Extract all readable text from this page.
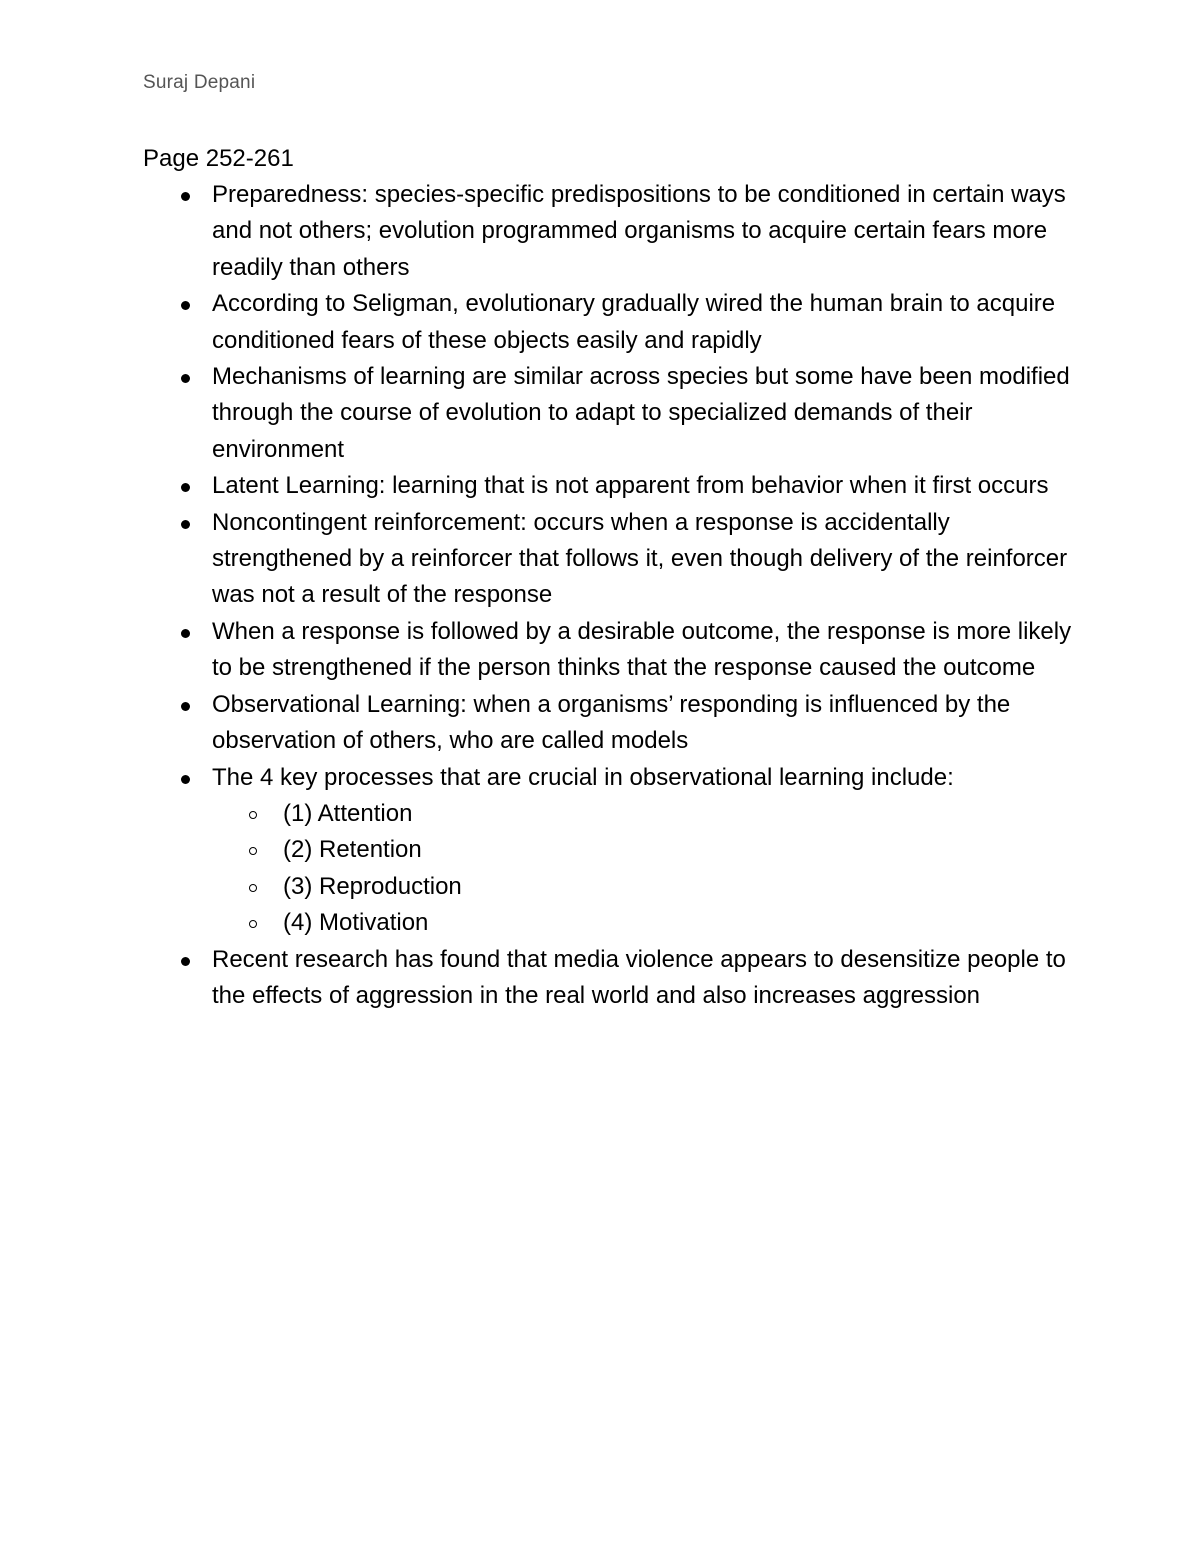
Suraj Depani
Page 252-261
Preparedness: species-specific predispositions to be conditioned in certain ways and not others; evolution programmed organisms to acquire certain fears more readily than others
According to Seligman, evolutionary gradually wired the human brain to acquire conditioned fears of these objects easily and rapidly
Mechanisms of learning are similar across species but some have been modified through the course of evolution to adapt to specialized demands of their environment
Latent Learning: learning that is not apparent from behavior when it first occurs
Noncontingent reinforcement: occurs when a response is accidentally strengthened by a reinforcer that follows it, even though delivery of the reinforcer was not a result of the response
When a response is followed by a desirable outcome, the response is more likely to be strengthened if the person thinks that the response caused the outcome
Observational Learning: when a organisms’ responding is influenced by the observation of others, who are called models
The 4 key processes that are crucial in observational learning include:
(1) Attention
(2) Retention
(3) Reproduction
(4) Motivation
Recent research has found that media violence appears to desensitize people to the effects of aggression in the real world and also increases aggression
